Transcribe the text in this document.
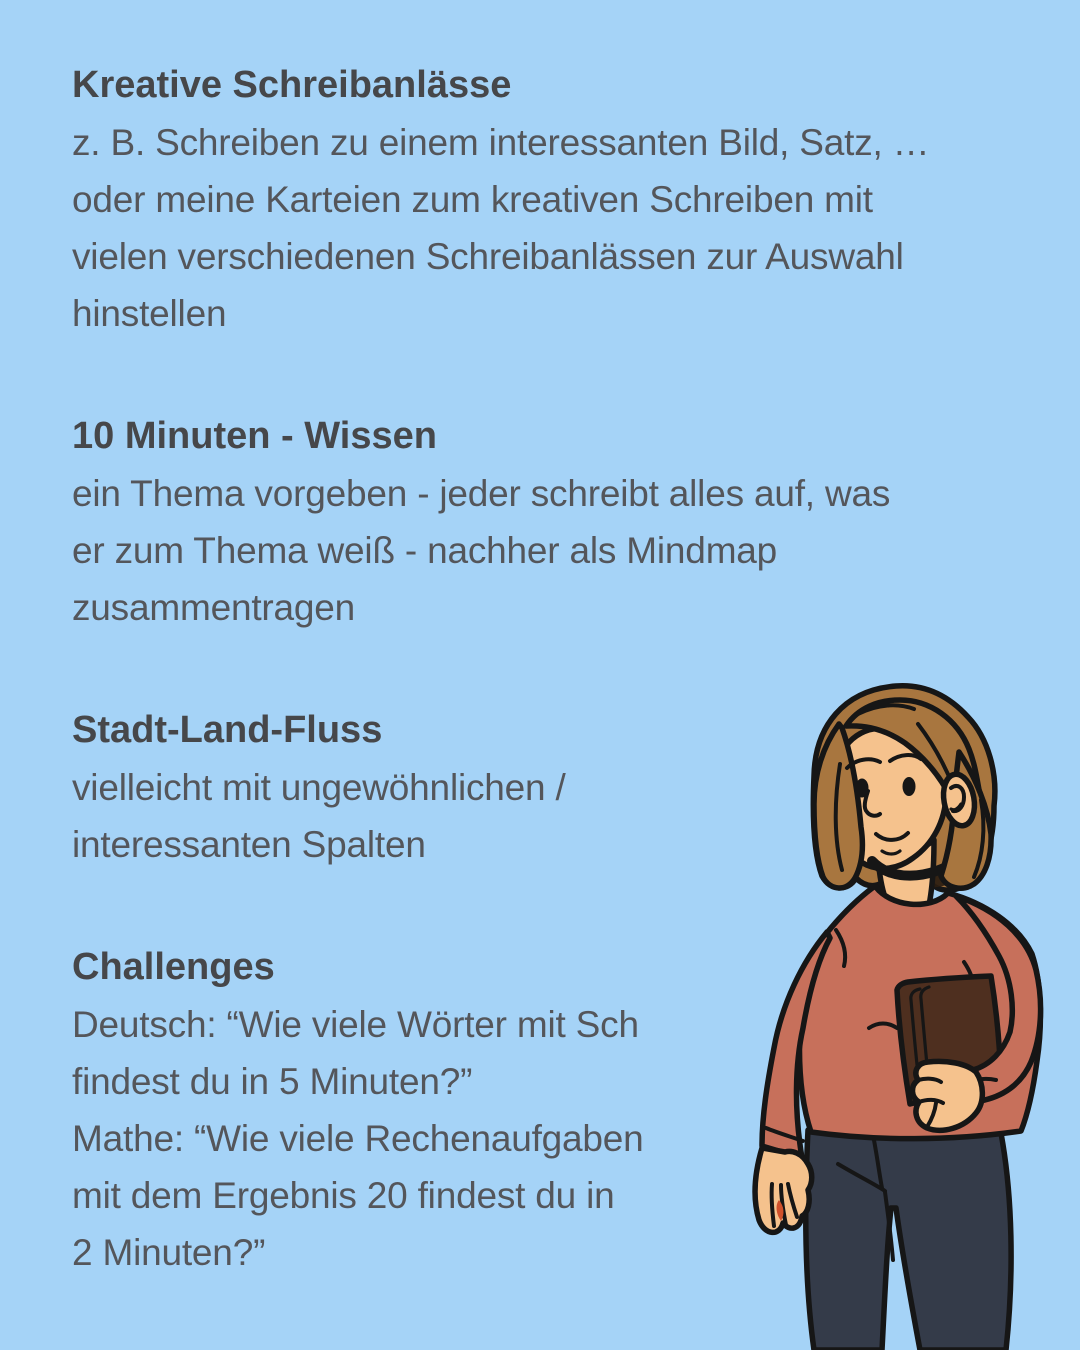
Kreative Schreibanlässe

z. B. Schreiben zu einem interessanten Bild, Satz, …

oder meine Karteien zum kreativen Schreiben mit

vielen verschiedenen Schreibanlässen zur Auswahl

hinstellen

10 Minuten - Wissen

ein Thema vorgeben - jeder schreibt alles auf, was

er zum Thema weiß - nachher als Mindmap

zusammentragen

Stadt-Land-Fluss

vielleicht mit ungewöhnlichen /

interessanten Spalten

Challenges

Deutsch: “Wie viele Wörter mit Sch

findest du in 5 Minuten?”

Mathe: “Wie viele Rechenaufgaben

mit dem Ergebnis 20 findest du in

2 Minuten?”
